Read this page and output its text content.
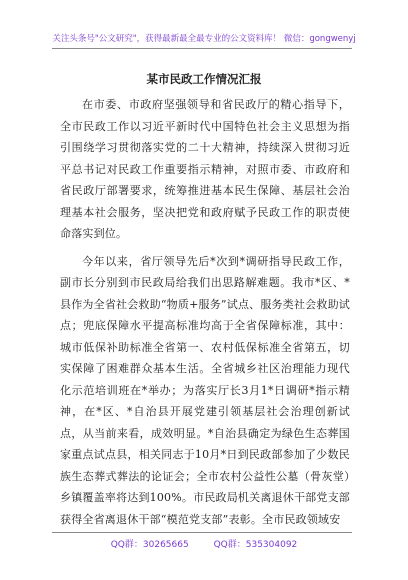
关注头条号"公文研究"，获得最新最全最专业的公文资料库！ 微信：gongwenyj
某市民政工作情况汇报

在市委、市政府坚强领导和省民政厅的精心指导下，全市民政工作以习近平新时代中国特色社会主义思想为指引围绕学习贯彻落实党的二十大精神，持续深入贯彻习近平总书记对民政工作重要指示精神，对照市委、市政府和省民政厅部署要求，统筹推进基本民生保障、基层社会治理基本社会服务，坚决把党和政府赋予民政工作的职责使命落实到位。

今年以来，省厅领导先后*次到*调研指导民政工作，副市长分别到市民政局给我们出思路解难题。我市*区、*县作为全省社会救助“物质+服务”试点、服务类社会救助试点；兜底保障水平提高标准均高于全省保障标准，其中：城市低保补助标准全省第一、农村低保标准全省第五，切实保障了困难群众基本生活。全省城乡社区治理能力现代化示范培训班在*举办；为落实厅长3月1*日调研*指示精神，在*区、*自治县开展党建引领基层社会治理创新试点，从当前来看，成效明显。*自治县确定为绿色生态葬国家重点试点县，相关同志于10月*日到民政部参加了少数民族生态葬式葬法的论证会；全市农村公益性公墓（骨灰堂）乡镇覆盖率将达到100%。市民政局机关离退休干部党支部获得全省离退休干部“模范党支部”表彰。全市民政领域安

QQ群：30265665	QQ群：535304092
